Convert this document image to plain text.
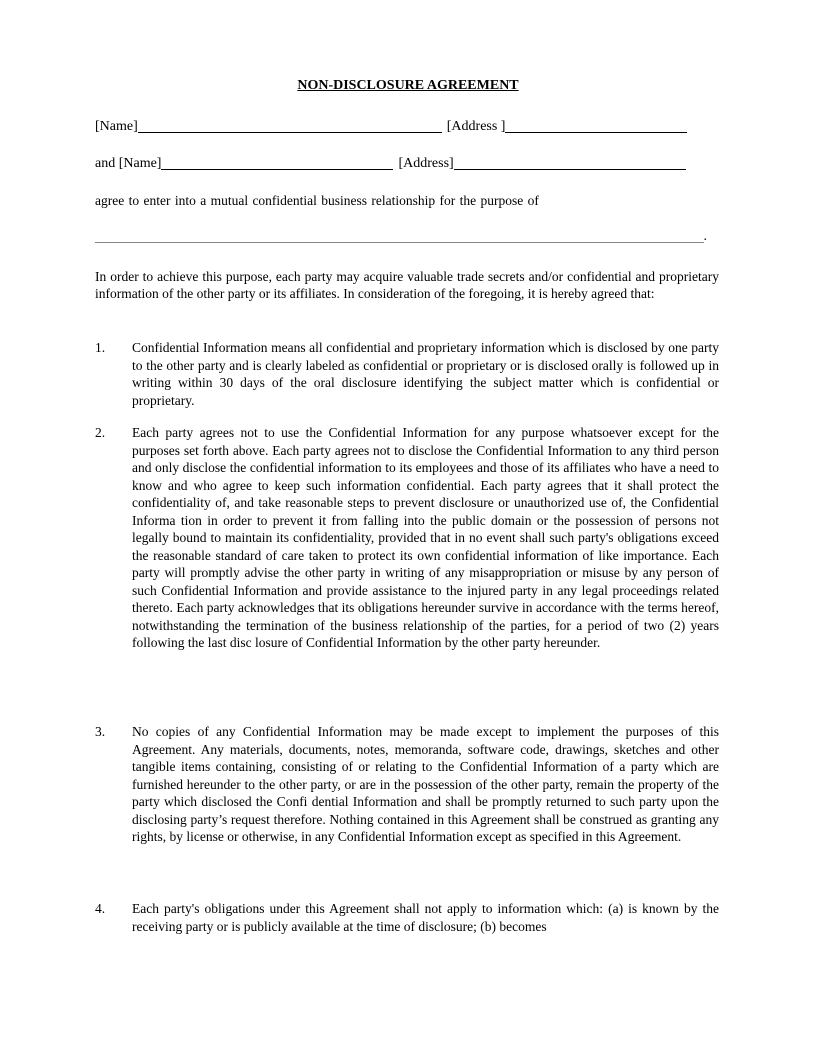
NON-DISCLOSURE AGREEMENT
[Name]	[Address ]
and [Name]	[Address]

agree to enter into a mutual confidential business relationship for the purpose of

.

In order to achieve this purpose, each party may acquire valuable trade secrets and/or confidential and proprietary information of the other party or its affiliates. In consideration of the foregoing, it is hereby agreed that:

1.	Confidential Information means all confidential and proprietary information which is disclosed by one party to the other party and is clearly labeled as confidential or proprietary or is disclosed orally is followed up in writing within 30 days of the oral disclosure identifying the subject matter which is confidential or proprietary.
2.	Each party agrees not to use the Confidential Information for any purpose whatsoever except for the purposes set forth above. Each party agrees not to disclose the Confidential Information to any third person and only disclose the confidential information to its employees and those of its affiliates who have a need to know and who agree to keep such information confidential. Each party agrees that it shall protect the confidentiality of, and take reasonable steps to prevent disclosure or unauthorized use of, the Confidential Informa tion in order to prevent it from falling into the public domain or the possession of persons not legally bound to maintain its confidentiality, provided that in no event shall such party's obligations exceed the reasonable standard of care taken to protect its own confidential information of like importance. Each party will promptly advise the other party in writing of any misappropriation or misuse by any person of such Confidential Information and provide assistance to the injured party in any legal proceedings related thereto. Each party acknowledges that its obligations hereunder survive in accordance with the terms hereof, notwithstanding the termination of the business relationship of the parties, for a period of two (2) years following the last disc losure of Confidential Information by the other party hereunder.
3.	No copies of any Confidential Information may be made except to implement the purposes of this Agreement. Any materials, documents, notes, memoranda, software code, drawings, sketches and other tangible items containing, consisting of or relating to the Confidential Information of a party which are furnished hereunder to the other party, or are in the possession of the other party, remain the property of the party which disclosed the Confi dential Information and shall be promptly returned to such party upon the disclosing party’s request therefore. Nothing contained in this Agreement shall be construed as granting any rights, by license or otherwise, in any Confidential Information except as specified in this Agreement.
4.	Each party's obligations under this Agreement shall not apply to information which: (a) is known by the receiving party or is publicly available at the time of disclosure; (b) becomes
